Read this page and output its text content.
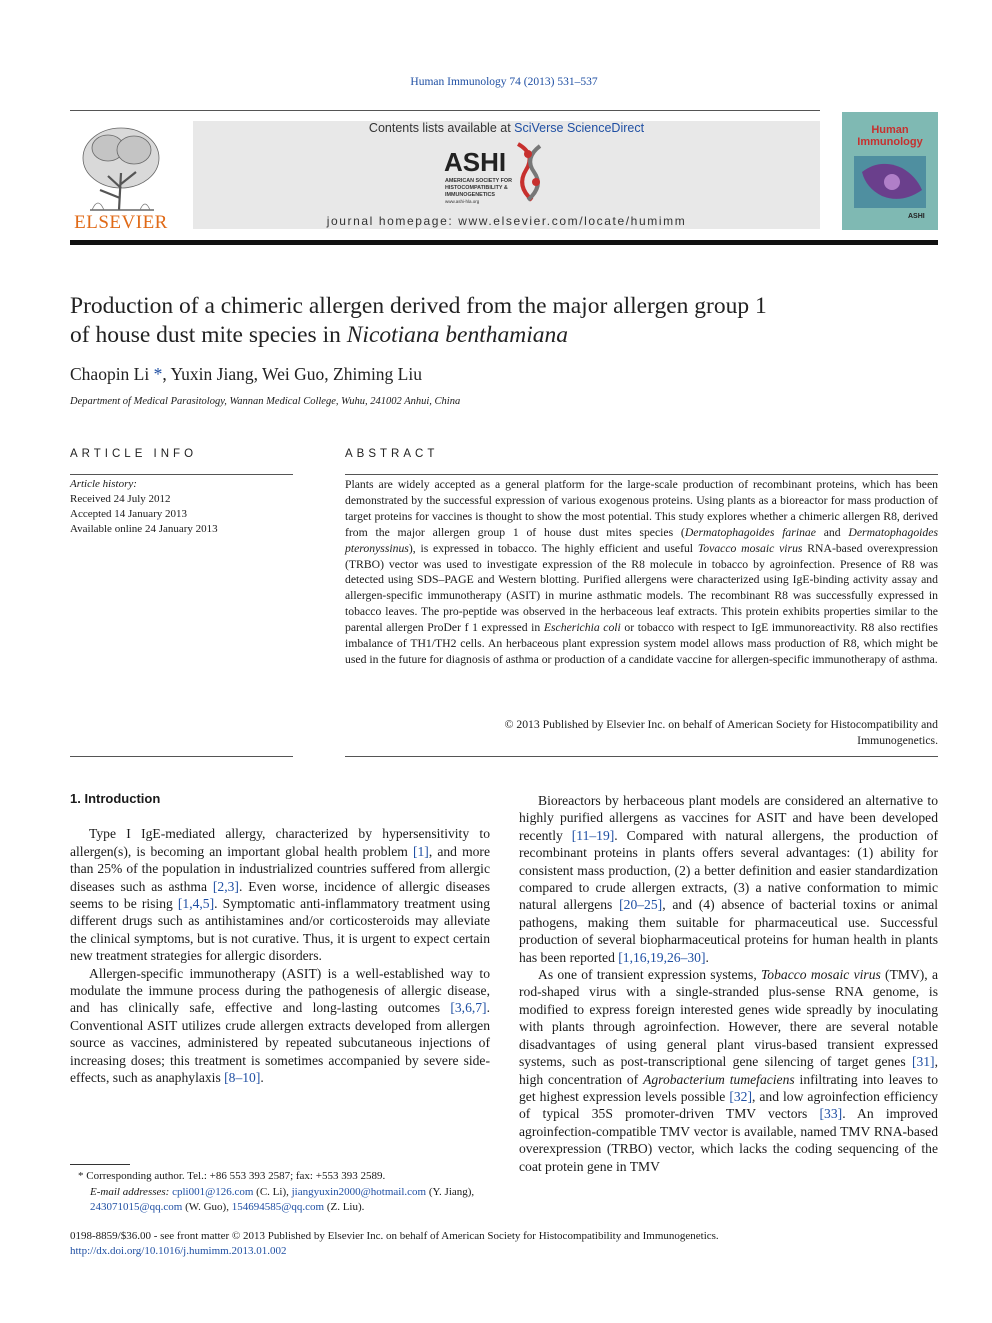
Human Immunology 74 (2013) 531–537
ELSEVIER
Contents lists available at SciVerse ScienceDirect
ASHI
AMERICAN SOCIETY FOR
HISTOCOMPATIBILITY &
IMMUNOGENETICS
www.ashi-hla.org
journal homepage: www.elsevier.com/locate/humimm
Human
Immunology
ASHI
Production of a chimeric allergen derived from the major allergen group 1
of house dust mite species in Nicotiana benthamiana
Chaopin Li *, Yuxin Jiang, Wei Guo, Zhiming Liu
Department of Medical Parasitology, Wannan Medical College, Wuhu, 241002 Anhui, China
ARTICLE INFO	ABSTRACT
Article history:
Received 24 July 2012
Accepted 14 January 2013
Available online 24 January 2013
Plants are widely accepted as a general platform for the large-scale production of recombinant proteins, which has been demonstrated by the successful expression of various exogenous proteins. Using plants as a bioreactor for mass production of target proteins for vaccines is thought to show the most potential. This study explores whether a chimeric allergen R8, derived from the major allergen group 1 of house dust mites species (Dermatophagoides farinae and Dermatophagoides pteronyssinus), is expressed in tobacco. The highly efficient and useful Tovacco mosaic virus RNA-based overexpression (TRBO) vector was used to investigate expression of the R8 molecule in tobacco by agroinfection. Presence of R8 was detected using SDS–PAGE and Western blotting. Purified allergens were characterized using IgE-binding activity assay and allergen-specific immunotherapy (ASIT) in murine asthmatic models. The recombinant R8 was successfully expressed in tobacco leaves. The pro-peptide was observed in the herbaceous leaf extracts. This protein exhibits properties similar to the parental allergen ProDer f 1 expressed in Escherichia coli or tobacco with respect to IgE immunoreactivity. R8 also rectifies imbalance of TH1/TH2 cells. An herbaceous plant expression system model allows mass production of R8, which might be used in the future for diagnosis of asthma or production of a candidate vaccine for allergen-specific immunotherapy of asthma.
© 2013 Published by Elsevier Inc. on behalf of American Society for Histocompatibility and
Immunogenetics.

1. Introduction

Type I IgE-mediated allergy, characterized by hypersensitivity to allergen(s), is becoming an important global health problem [1], and more than 25% of the population in industrialized countries suffered from allergic diseases such as asthma [2,3]. Even worse, incidence of allergic diseases seems to be rising [1,4,5]. Symptomatic anti-inflammatory treatment using different drugs such as antihistamines and/or corticosteroids may alleviate the clinical symptoms, but is not curative. Thus, it is urgent to expect certain new treatment strategies for allergic disorders.

Allergen-specific immunotherapy (ASIT) is a well-established way to modulate the immune process during the pathogenesis of allergic disease, and has clinically safe, effective and long-lasting outcomes [3,6,7]. Conventional ASIT utilizes crude allergen extracts developed from allergen source as vaccines, administered by repeated subcutaneous injections of increasing doses; this treatment is sometimes accompanied by severe side-effects, such as anaphylaxis [8–10].

Bioreactors by herbaceous plant models are considered an alternative to highly purified allergens as vaccines for ASIT and have been developed recently [11–19]. Compared with natural allergens, the production of recombinant proteins in plants offers several advantages: (1) ability for consistent mass production, (2) a better definition and easier standardization compared to crude allergen extracts, (3) a native conformation to mimic natural allergens [20–25], and (4) absence of bacterial toxins or animal pathogens, making them suitable for pharmaceutical use. Successful production of several biopharmaceutical proteins for human health in plants has been reported [1,16,19,26–30].

As one of transient expression systems, Tobacco mosaic virus (TMV), a rod-shaped virus with a single-stranded plus-sense RNA genome, is modified to express foreign interested genes wide spreadly by inoculating with plants through agroinfection. However, there are several notable disadvantages of using general plant virus-based transient expressed systems, such as post-transcriptional gene silencing of target genes [31], high concentration of Agrobacterium tumefaciens infiltrating into leaves to get highest expression levels possible [32], and low agroinfection efficiency of typical 35S promoter-driven TMV vectors [33]. An improved agroinfection-compatible TMV vector is available, named TMV RNA-based overexpression (TRBO) vector, which lacks the coding sequencing of the coat protein gene in TMV

* Corresponding author. Tel.: +86 553 393 2587; fax: +553 393 2589.
E-mail addresses: cpli001@126.com (C. Li), jiangyuxin2000@hotmail.com (Y. Jiang), 243071015@qq.com (W. Guo), 154694585@qq.com (Z. Liu).
0198-8859/$36.00 - see front matter © 2013 Published by Elsevier Inc. on behalf of American Society for Histocompatibility and Immunogenetics.
http://dx.doi.org/10.1016/j.humimm.2013.01.002
